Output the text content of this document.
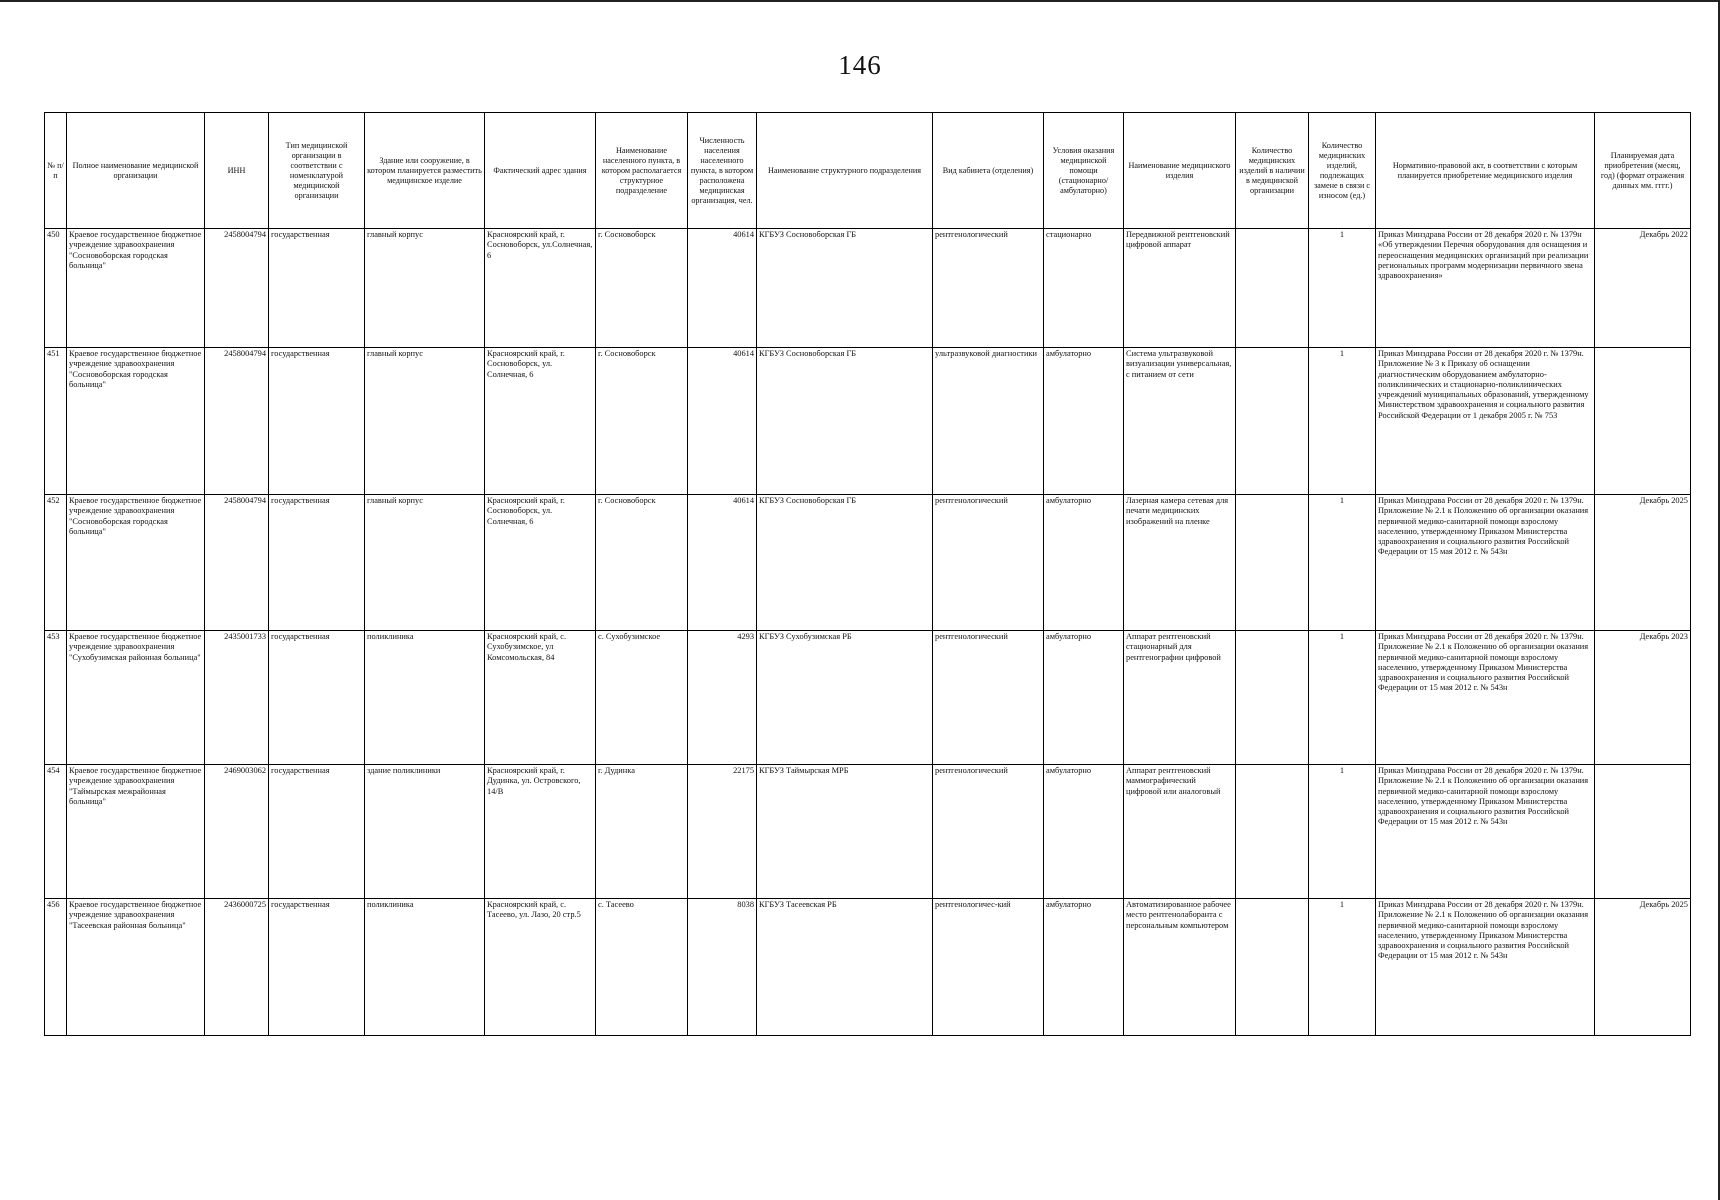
146
№ п/п	Полное наименование медицинской организации	ИНН	Тип медицинской организации в соответствии с номенклатурой медицинской организации	Здание или сооружение, в котором планируется разместить медицинское изделие	Фактический адрес здания	Наименование населенного пункта, в котором располагается структурное подразделение	Численность населения населенного пункта, в котором расположена медицинская организация, чел.	Наименование структурного подразделения	Вид кабинета (отделения)	Условия оказания медицинской помощи (стационарно/ амбулаторно)	Наименование медицинского изделия	Количество медицинских изделий в наличии в медицинской организации	Количество медицинских изделий, подлежащих замене в связи с износом (ед.)	Нормативно-правовой акт, в соответствии с которым планируется приобретение медицинского изделия	Планируемая дата приобретения (месяц, год) (формат отражения данных мм. гггг.)
450	Краевое государственное бюджетное учреждение здравоохранения "Сосновоборская городская больница"	2458004794	государственная	главный корпус	Красноярский край, г. Сосновоборск, ул.Солнечная, 6	г. Сосновоборск	40614	КГБУЗ Сосновоборская ГБ	рентгенологический	стационарно	Передвижной рентгеновский цифровой аппарат		1	Приказ Минздрава России от 28 декабря 2020 г. № 1379н «Об утверждении Перечня оборудования для оснащения и переоснащения медицинских организаций при реализации региональных программ модернизации первичного звена здравоохранения»	Декабрь 2022
451	Краевое государственное бюджетное учреждение здравоохранения "Сосновоборская городская больница"	2458004794	государственная	главный корпус	Красноярский край, г. Сосновоборск, ул. Солнечная, 6	г. Сосновоборск	40614	КГБУЗ Сосновоборская ГБ	ультразвуковой диагностики	амбулаторно	Система ультразвуковой визуализации универсальная, с питанием от сети		1	Приказ Минздрава России от 28 декабря 2020 г. № 1379н. Приложение № 3 к Приказу об оснащении диагностическим оборудованием амбулаторно-поликлинических и стационарно-поликлинических учреждений муниципальных образований, утвержденному Министерством здравоохранения и социального развития Российской Федерации от 1 декабря 2005 г. № 753	
452	Краевое государственное бюджетное учреждение здравоохранения "Сосновоборская городская больница"	2458004794	государственная	главный корпус	Красноярский край, г. Сосновоборск, ул. Солнечная, 6	г. Сосновоборск	40614	КГБУЗ Сосновоборская ГБ	рентгенологический	амбулаторно	Лазерная камера сетевая для печати медицинских изображений на пленке		1	Приказ Минздрава России от 28 декабря 2020 г. № 1379н. Приложение № 2.1 к Положению об организации оказания первичной медико-санитарной помощи взрослому населению, утвержденному Приказом Министерства здравоохранения и социального развития Российской Федерации от 15 мая 2012 г. № 543н	Декабрь 2025
453	Краевое государственное бюджетное учреждение здравоохранения "Сухобузимская районная больница"	2435001733	государственная	поликлиника	Красноярский край, с. Сухобузимское, ул Комсомольская, 84	с. Сухобузимское	4293	КГБУЗ Сухобузимская РБ	рентгенологический	амбулаторно	Аппарат рентгеновский стационарный для рентгенографии цифровой		1	Приказ Минздрава России от 28 декабря 2020 г. № 1379н. Приложение № 2.1 к Положению об организации оказания первичной медико-санитарной помощи взрослому населению, утвержденному Приказом Министерства здравоохранения и социального развития Российской Федерации от 15 мая 2012 г. № 543н	Декабрь 2023
454	Краевое государственное бюджетное учреждение здравоохранения "Таймырская межрайонная больница"	2469003062	государственная	здание поликлиники	Красноярский край, г. Дудинка, ул. Островского, 14/В	г. Дудинка	22175	КГБУЗ Таймырская МРБ	рентгенологический	амбулаторно	Аппарат рентгеновский маммографический цифровой или аналоговый		1	Приказ Минздрава России от 28 декабря 2020 г. № 1379н. Приложение № 2.1 к Положению об организации оказания первичной медико-санитарной помощи взрослому населению, утвержденному Приказом Министерства здравоохранения и социального развития Российской Федерации от 15 мая 2012 г. № 543н	
456	Краевое государственное бюджетное учреждение здравоохранения "Тасеевская районная больница"	2436000725	государственная	поликлиника	Красноярский край, с. Тасеево, ул. Лазо, 20 стр.5	с. Тасеево	8038	КГБУЗ Тасеевская РБ	рентгенологичес-кий	амбулаторно	Автоматизированное рабочее место рентгенолаборанта с персональным компьютером		1	Приказ Минздрава России от 28 декабря 2020 г. № 1379н. Приложение № 2.1 к Положению об организации оказания первичной медико-санитарной помощи взрослому населению, утвержденному Приказом Министерства здравоохранения и социального развития Российской Федерации от 15 мая 2012 г. № 543н	Декабрь 2025
